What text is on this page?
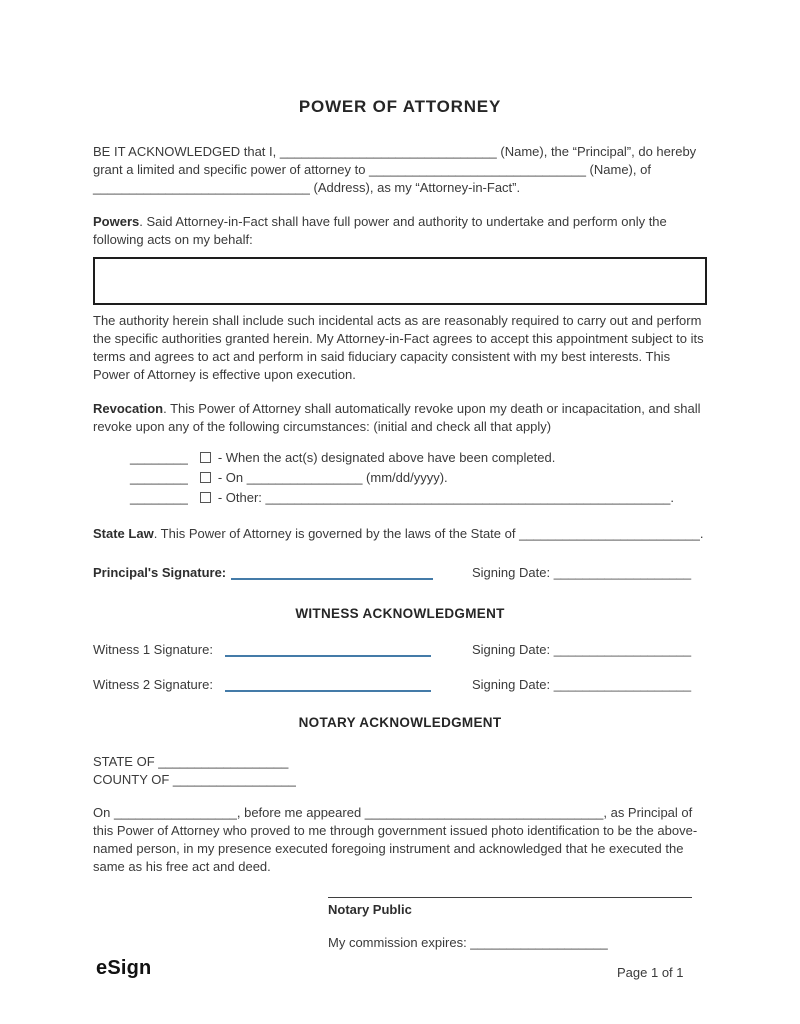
POWER OF ATTORNEY

BE IT ACKNOWLEDGED that I, ______________________________ (Name), the “Principal”, do hereby grant a limited and specific power of attorney to ______________________________ (Name), of ______________________________ (Address), as my “Attorney-in-Fact”.

Powers. Said Attorney-in-Fact shall have full power and authority to undertake and perform only the following acts on my behalf:

The authority herein shall include such incidental acts as are reasonably required to carry out and perform the specific authorities granted herein. My Attorney-in-Fact agrees to accept this appointment subject to its terms and agrees to act and perform in said fiduciary capacity consistent with my best interests. This Power of Attorney is effective upon execution.

Revocation. This Power of Attorney shall automatically revoke upon my death or incapacitation, and shall revoke upon any of the following circumstances: (initial and check all that apply)

________ - When the act(s) designated above have been completed.
________ - On ________________ (mm/dd/yyyy).
________ - Other: ________________________________________________________.

State Law. This Power of Attorney is governed by the laws of the State of _________________________.

Principal's Signature:	Signing Date: ___________________
WITNESS ACKNOWLEDGMENT
Witness 1 Signature:	Signing Date: ___________________
Witness 2 Signature:	Signing Date: ___________________
NOTARY ACKNOWLEDGMENT
STATE OF __________________
COUNTY OF _________________

On _________________, before me appeared _________________________________, as Principal of this Power of Attorney who proved to me through government issued photo identification to be the above-named person, in my presence executed foregoing instrument and acknowledged that he executed the same as his free act and deed.

Notary Public

My commission expires: ___________________

eSign	Page 1 of 1
